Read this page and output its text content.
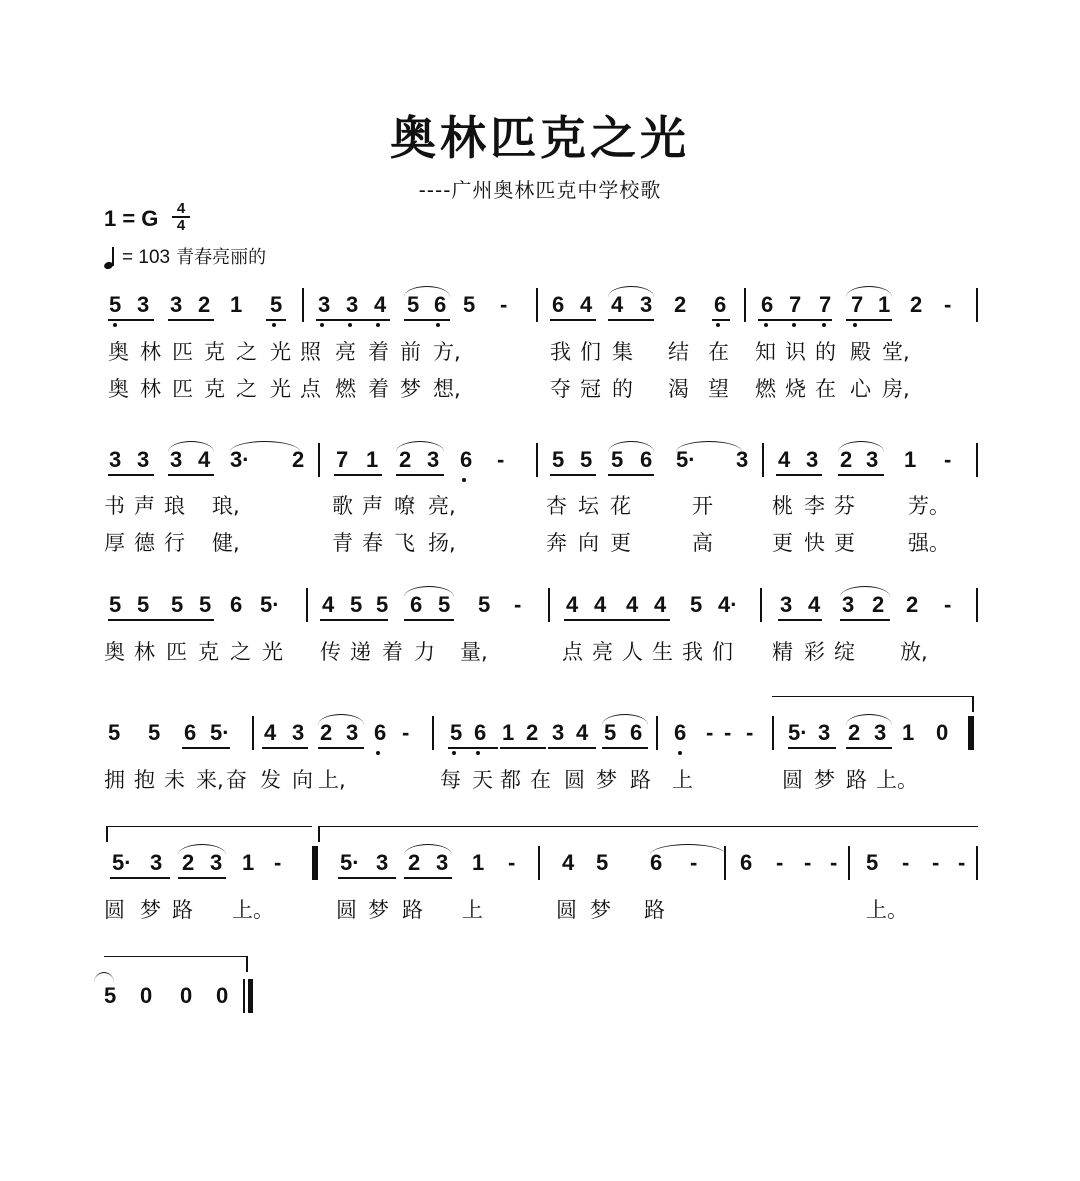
奥林匹克之光
----广州奥林匹克中学校歌
1 = G	4
4
= 103 青春亮丽的
5 3 3 2 1 5 3 3 4 5 6 5 - 6 4 4 3 2 6 6 7 7 7 1 2 -
奥 林 匹 克 之 光 照 亮 着 前 方,	我 们 集 结 在 知 识 的 殿 堂,
奥 林 匹 克 之 光 点 燃 着 梦 想,	夺 冠 的 渴 望 燃 烧 在 心 房,
3 3 3 4 3· 2 7 1 2 3 6 - 5 5 5 6 5· 3 4 3 2 3 1 -
书 声 琅 琅,	歌 声 嘹 亮,	杏 坛 花	开	桃 李 芬	芳。
厚 德 行 健,	青 春 飞 扬,	奔 向 更	高	更 快 更	强。
5 5 5 5 6 5· 4 5 5 6 5 5 - 4 4 4 4 5 4· 3 4 3 2 2 -
奥 林 匹 克 之 光 传 递 着 力 量,	点 亮 人 生 我 们 精 彩 绽 放,
5 5 6 5· 4 3 2 3 6 - 5 6 1 2 3 4 5 6 6 - - - 5· 3 2 3 1 0
拥 抱 未 来, 奋 发 向 上,	每 天 都 在 圆 梦 路 上	圆 梦 路 上。
5· 3 2 3 1 -	5· 3 2 3 1 - 4 5 6 - 6 - - - 5 - - -
圆 梦 路 上。	圆 梦 路 上	圆 梦 路	上。
5 0 0 0
